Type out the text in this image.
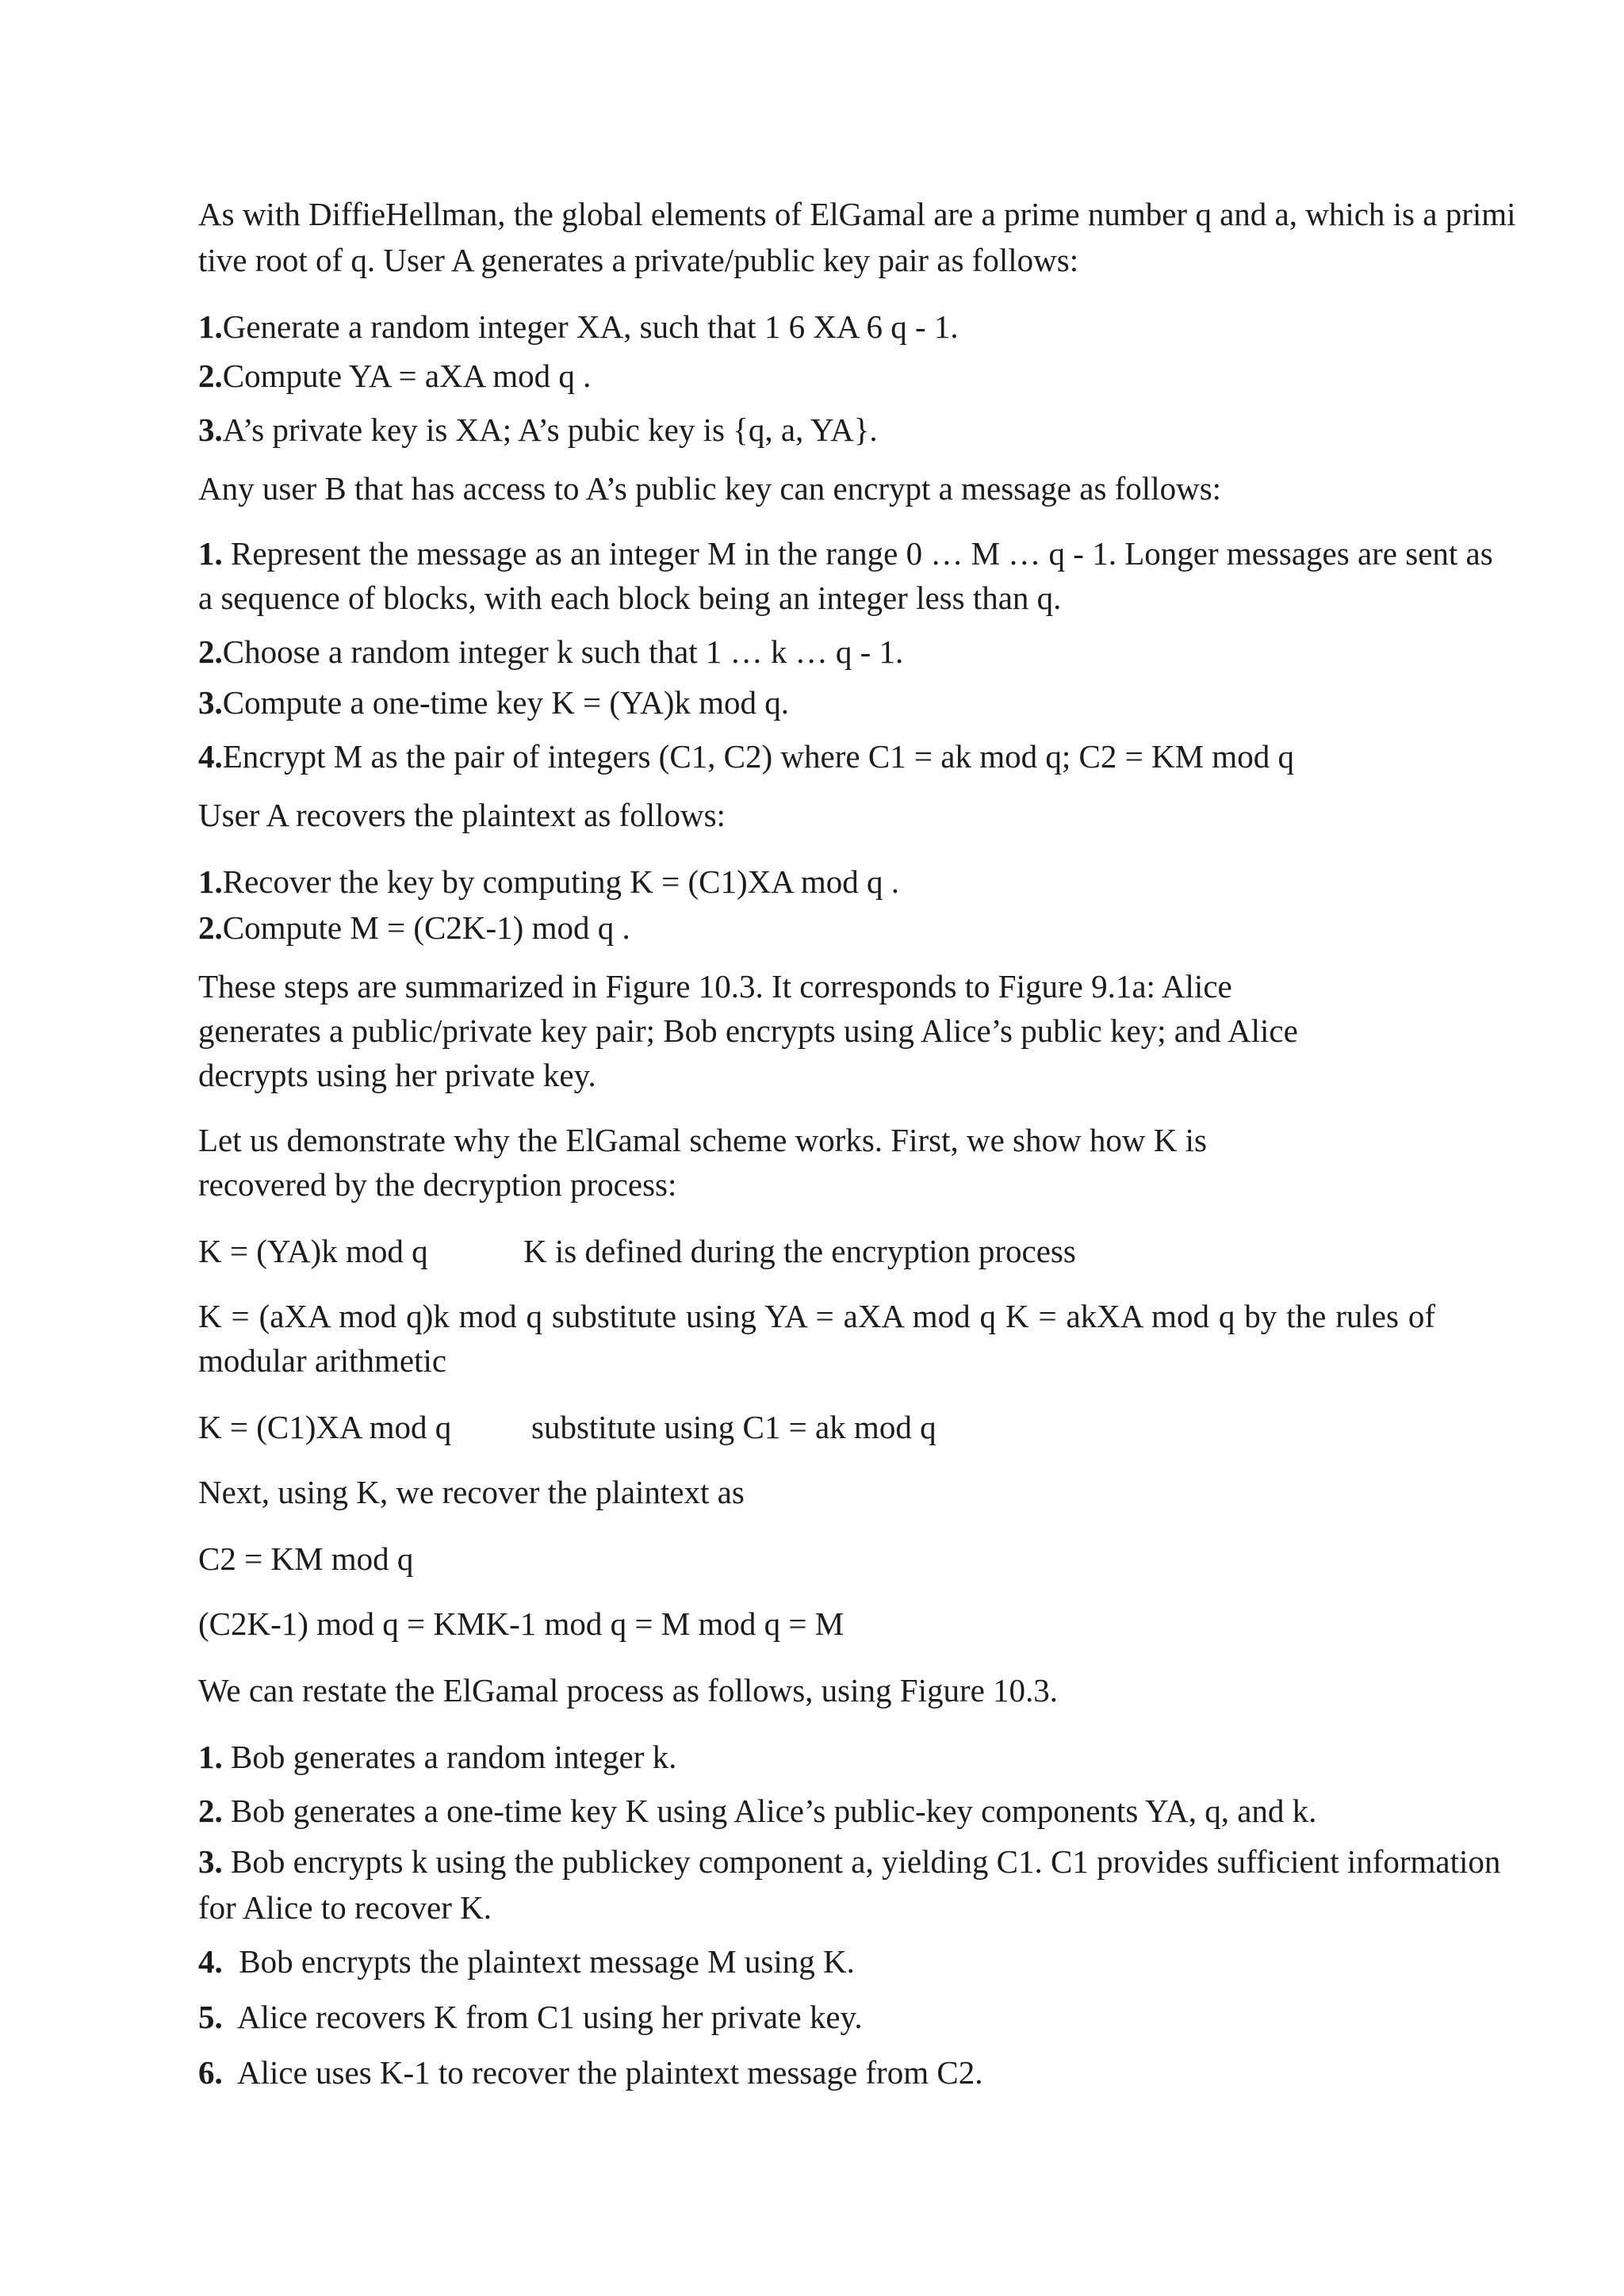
As with DiffieHellman, the global elements of ElGamal are a prime number q and a, which is a primi

tive root of q. User A generates a private/public key pair as follows:

1.Generate a random integer XA, such that 1 6 XA 6 q - 1.

2.Compute YA = aXA mod q .

3.A’s private key is XA; A’s pubic key is {q, a, YA}.

Any user B that has access to A’s public key can encrypt a message as follows:

1. Represent the message as an integer M in the range 0 … M … q - 1. Longer messages are sent as

a sequence of blocks, with each block being an integer less than q.

2.Choose a random integer k such that 1 … k … q - 1.

3.Compute a one-time key K = (YA)k mod q.

4.Encrypt M as the pair of integers (C1, C2) where C1 = ak mod q; C2 = KM mod q

User A recovers the plaintext as follows:

1.Recover the key by computing K = (C1)XA mod q .

2.Compute M = (C2K-1) mod q .

These steps are summarized in Figure 10.3. It corresponds to Figure 9.1a: Alice

generates a public/private key pair; Bob encrypts using Alice’s public key; and Alice

decrypts using her private key.

Let us demonstrate why the ElGamal scheme works. First, we show how K is

recovered by the decryption process:

K = (YA)k mod q	K is defined during the encryption process

K = (aXA mod q)k mod q substitute using YA = aXA mod q K = akXA mod q by the rules of

modular arithmetic

K = (C1)XA mod q substitute using C1 = ak mod q

Next, using K, we recover the plaintext as

C2 = KM mod q

(C2K-1) mod q = KMK-1 mod q = M mod q = M

We can restate the ElGamal process as follows, using Figure 10.3.

1. Bob generates a random integer k.

2. Bob generates a one-time key K using Alice’s public-key components YA, q, and k.

3. Bob encrypts k using the publickey component a, yielding C1. C1 provides sufficient information

for Alice to recover K.

4. Bob encrypts the plaintext message M using K.

5. Alice recovers K from C1 using her private key.

6. Alice uses K-1 to recover the plaintext message from C2.
